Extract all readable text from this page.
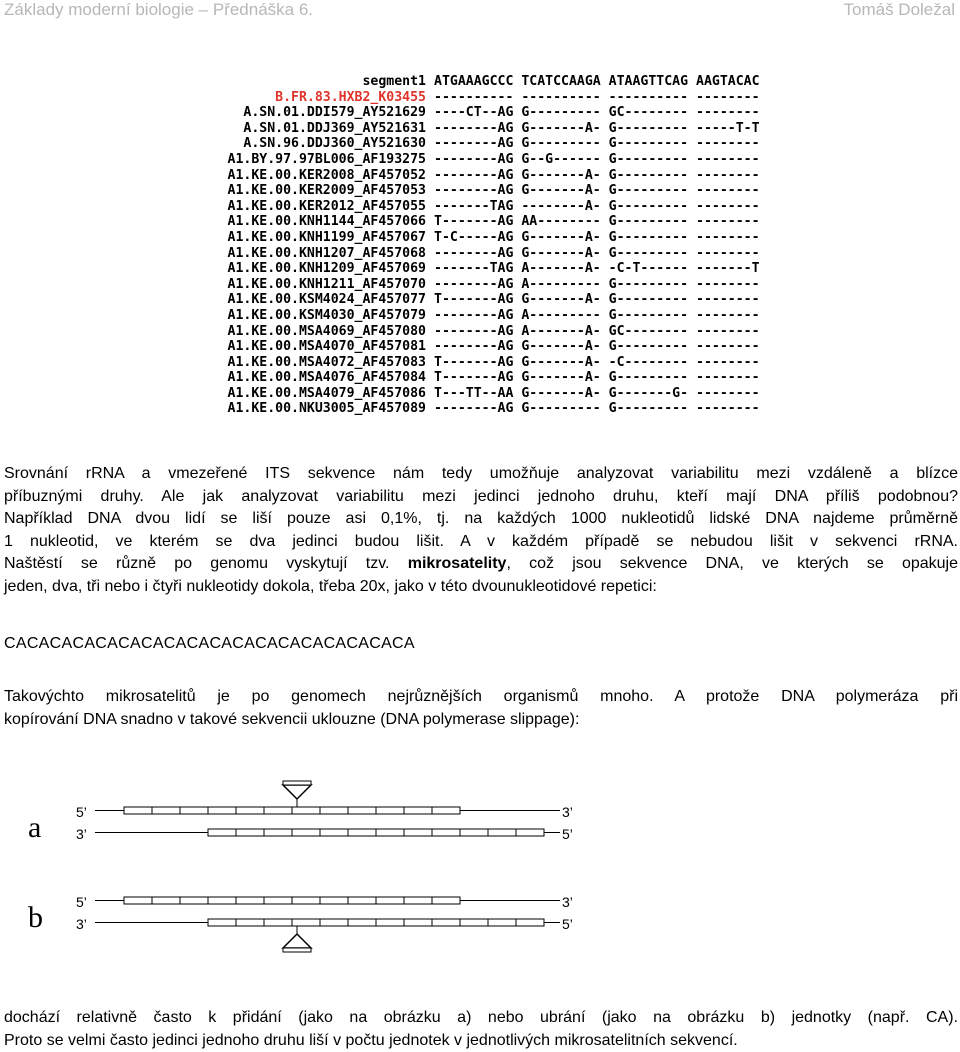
Základy moderní biologie – Přednáška 6.	Tomáš Doležal
segment1 ATGAAAGCCC TCATCCAAGA ATAAGTTCAG AAGTACAC
B.FR.83.HXB2_K03455 ---------- ---------- ---------- --------
A.SN.01.DDI579_AY521629 ----CT--AG G--------- GC-------- --------
A.SN.01.DDJ369_AY521631 --------AG G-------A- G--------- -----T-T
A.SN.96.DDJ360_AY521630 --------AG G--------- G--------- --------
A1.BY.97.97BL006_AF193275 --------AG G--G------ G--------- --------
A1.KE.00.KER2008_AF457052 --------AG G-------A- G--------- --------
A1.KE.00.KER2009_AF457053 --------AG G-------A- G--------- --------
A1.KE.00.KER2012_AF457055 -------TAG --------A- G--------- --------
A1.KE.00.KNH1144_AF457066 T-------AG AA-------- G--------- --------
A1.KE.00.KNH1199_AF457067 T-C-----AG G-------A- G--------- --------
A1.KE.00.KNH1207_AF457068 --------AG G-------A- G--------- --------
A1.KE.00.KNH1209_AF457069 -------TAG A-------A- -C-T------ -------T
A1.KE.00.KNH1211_AF457070 --------AG A--------- G--------- --------
A1.KE.00.KSM4024_AF457077 T-------AG G-------A- G--------- --------
A1.KE.00.KSM4030_AF457079 --------AG A--------- G--------- --------
A1.KE.00.MSA4069_AF457080 --------AG A-------A- GC-------- --------
A1.KE.00.MSA4070_AF457081 --------AG G-------A- G--------- --------
A1.KE.00.MSA4072_AF457083 T-------AG G-------A- -C-------- --------
A1.KE.00.MSA4076_AF457084 T-------AG G-------A- G--------- --------
A1.KE.00.MSA4079_AF457086 T---TT--AA G-------A- G-------G- --------
A1.KE.00.NKU3005_AF457089 --------AG G--------- G--------- --------
Srovnání rRNA a vmezeřené ITS sekvence nám tedy umožňuje analyzovat variabilitu mezi vzdáleně a blízce
příbuznými druhy. Ale jak analyzovat variabilitu mezi jedinci jednoho druhu, kteří mají DNA příliš podobnou?
Například DNA dvou lidí se liší pouze asi 0,1%, tj. na každých 1000 nukleotidů lidské DNA najdeme průměrně
1 nukleotid, ve kterém se dva jedinci budou lišit. A v každém případě se nebudou lišit v sekvenci rRNA.
Naštěstí se různě po genomu vyskytují tzv. mikrosatelity, což jsou sekvence DNA, ve kterých se opakuje
jeden, dva, tři nebo i čtyři nukleotidy dokola, třeba 20x, jako v této dvounukleotidové repetici:
CACACACACACACACACACACACACACACACACACA
Takovýchto mikrosatelitů je po genomech nejrůznějších organismů mnoho. A protože DNA polymeráza při
kopírování DNA snadno v takové sekvencii uklouzne (DNA polymerase slippage):
a 5’
3’
3’
5’
b 5’
3’
3’
5’
dochází relativně často k přidání (jako na obrázku a) nebo ubrání (jako na obrázku b) jednotky (např. CA).
Proto se velmi často jedinci jednoho druhu liší v počtu jednotek v jednotlivých mikrosatelitních sekvencí.
